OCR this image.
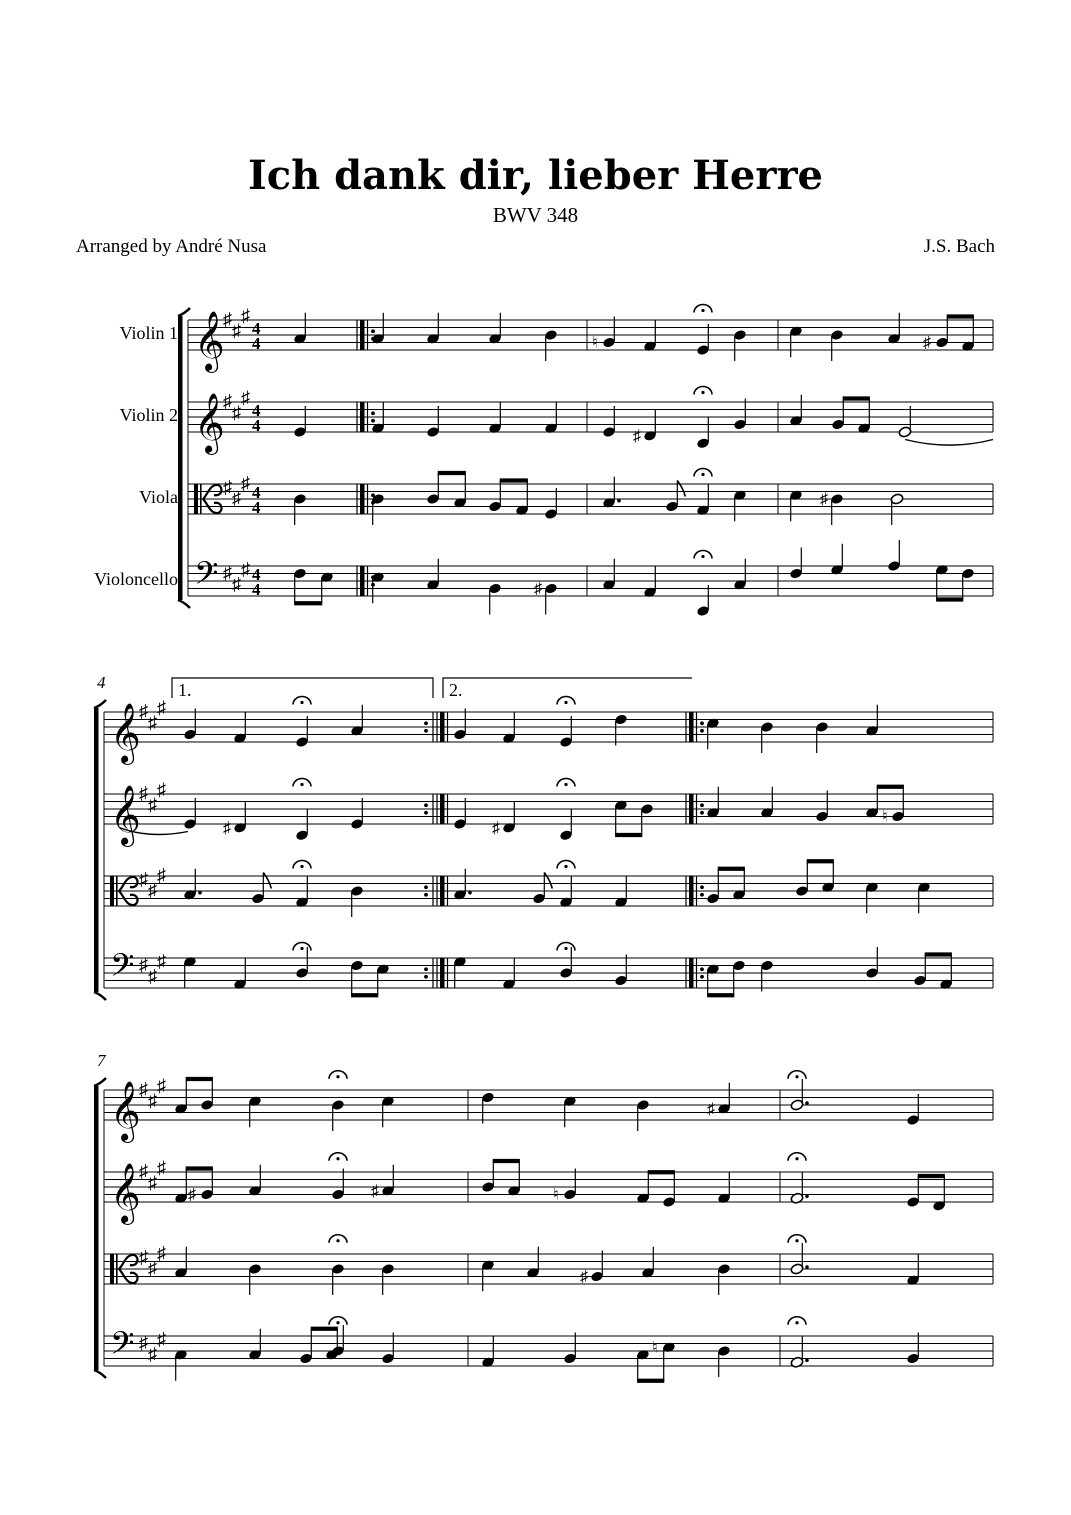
Ich dank dir, lieber Herre
BWV 348
Arranged by André Nusa	J.S. Bach
𝄞
♯
♯
♯
4
4
Violin 1
𝄞
♯
♯
♯
4
4
Violin 2
♯
♯
♯ 4
4
Viola
𝄢 ♯
♯
♯ 4
4
Violoncello
♮	♯
♯
♯
♯
𝄞
♯
♯
♯
𝄞
♯
♯
♯
♯
♯
♯
𝄢 ♯
♯
♯
4	1.	2.
♯	♯
♮
𝄞
♯
♯
♯
𝄞
♯
♯
♯
♯
♯
♯
𝄢 ♯
♯
♯
7
♯
♯	♯	♮
♯
♮
